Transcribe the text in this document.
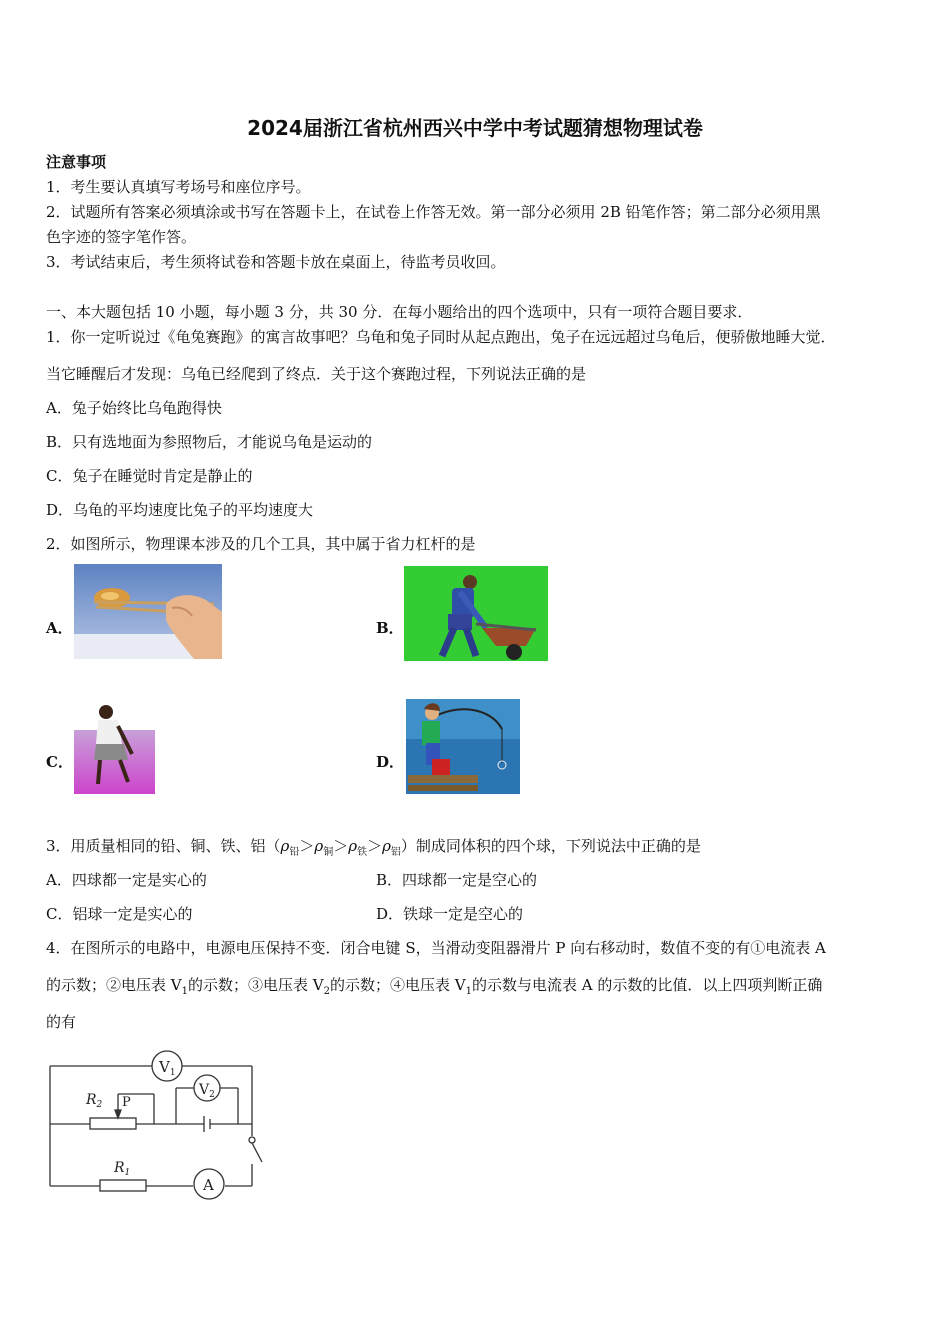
2024届浙江省杭州西兴中学中考试题猜想物理试卷
注意事项
1．考生要认真填写考场号和座位序号。
2．试题所有答案必须填涂或书写在答题卡上，在试卷上作答无效。第一部分必须用 2B 铅笔作答；第二部分必须用黑
色字迹的签字笔作答。
3．考试结束后，考生须将试卷和答题卡放在桌面上，待监考员收回。
一、本大题包括 10 小题，每小题 3 分，共 30 分．在每小题给出的四个选项中，只有一项符合题目要求．
1．你一定听说过《龟兔赛跑》的寓言故事吧？乌龟和兔子同时从起点跑出，兔子在远远超过乌龟后，便骄傲地睡大觉．
当它睡醒后才发现：乌龟已经爬到了终点．关于这个赛跑过程，下列说法正确的是
A．兔子始终比乌龟跑得快
B．只有选地面为参照物后，才能说乌龟是运动的
C．兔子在睡觉时肯定是静止的
D．乌龟的平均速度比兔子的平均速度大
2．如图所示，物理课本涉及的几个工具，其中属于省力杠杆的是
A．	B．
C．	D．
3．用质量相同的铅、铜、铁、铝$(\rho_铅>\rho_铜>\rho_铁>\rho_铝)$制成同体积的四个球，下列说法中正确的是
A．四球都一定是实心的	B．四球都一定是空心的
C．铝球一定是实心的	D．铁球一定是空心的
4．在图所示的电路中，电源电压保持不变．闭合电键 S，当滑动变阻器滑片 P 向右移动时，数值不变的有①电流表 A
的示数；②电压表 $V_1$的示数；③电压表 $V_2$的示数；④电压表 $V_1$的示数与电流表 A 的示数的比值．以上四项判断正确
的有
$V_1$
$V_2$
$R_2$ P
$R_1$
A
